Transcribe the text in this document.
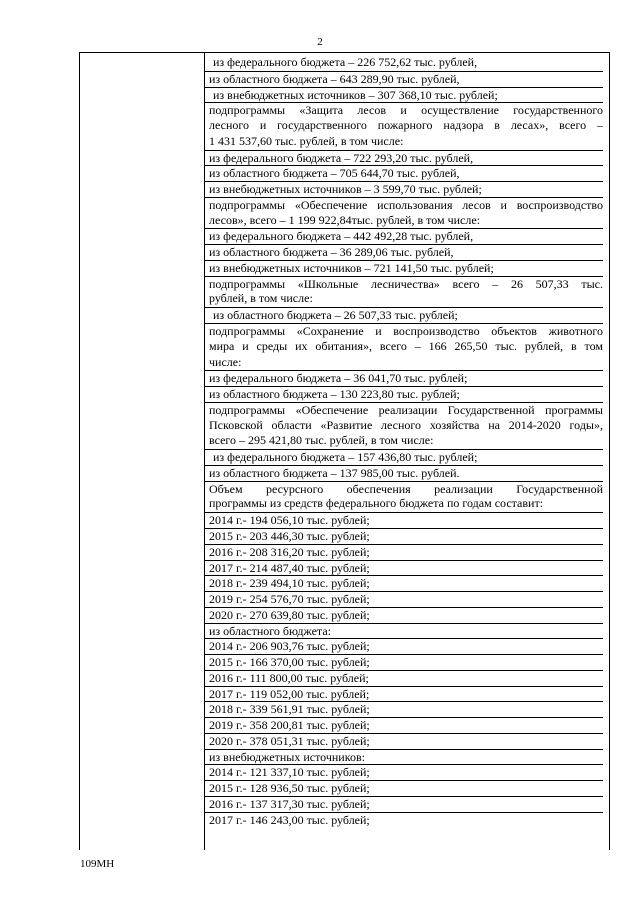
2
из федерального бюджета – 226 752,62 тыс. рублей,
из областного бюджета – 643 289,90 тыс. рублей,
из внебюджетных источников – 307 368,10 тыс. рублей;
подпрограммы «Защита лесов и осуществление государственного
лесного и государственного пожарного надзора в лесах», всего –
1 431 537,60 тыс. рублей, в том числе:
из федерального бюджета – 722 293,20 тыс. рублей,
из областного бюджета – 705 644,70 тыс. рублей,
из внебюджетных источников – 3 599,70 тыс. рублей;
подпрограммы «Обеспечение использования лесов и воспроизводство
лесов», всего – 1 199 922,84тыс. рублей, в том числе:
из федерального бюджета – 442 492,28 тыс. рублей,
из областного бюджета – 36 289,06 тыс. рублей,
из внебюджетных источников – 721 141,50 тыс. рублей;
подпрограммы «Школьные лесничества» всего – 26 507,33 тыс.
рублей, в том числе:
из областного бюджета – 26 507,33 тыс. рублей;
подпрограммы «Сохранение и воспроизводство объектов животного
мира и среды их обитания», всего – 166 265,50 тыс. рублей, в том
числе:
из федерального бюджета – 36 041,70 тыс. рублей;
из областного бюджета – 130 223,80 тыс. рублей;
подпрограммы «Обеспечение реализации Государственной программы
Псковской области «Развитие лесного хозяйства на 2014-2020 годы»,
всего – 295 421,80 тыс. рублей, в том числе:
из федерального бюджета – 157 436,80 тыс. рублей;
из областного бюджета – 137 985,00 тыс. рублей.
Объем ресурсного обеспечения реализации Государственной
программы из средств федерального бюджета по годам составит:
2014 г.- 194 056,10 тыс. рублей;
2015 г.- 203 446,30 тыс. рублей;
2016 г.- 208 316,20 тыс. рублей;
2017 г.- 214 487,40 тыс. рублей;
2018 г.- 239 494,10 тыс. рублей;
2019 г.- 254 576,70 тыс. рублей;
2020 г.- 270 639,80 тыс. рублей;
из областного бюджета:
2014 г.- 206 903,76 тыс. рублей;
2015 г.- 166 370,00 тыс. рублей;
2016 г.- 111 800,00 тыс. рублей;
2017 г.- 119 052,00 тыс. рублей;
2018 г.- 339 561,91 тыс. рублей;
2019 г.- 358 200,81 тыс. рублей;
2020 г.- 378 051,31 тыс. рублей;
из внебюджетных источников:
2014 г.- 121 337,10 тыс. рублей;
2015 г.- 128 936,50 тыс. рублей;
2016 г.- 137 317,30 тыс. рублей;
2017 г.- 146 243,00 тыс. рублей;
109МН
